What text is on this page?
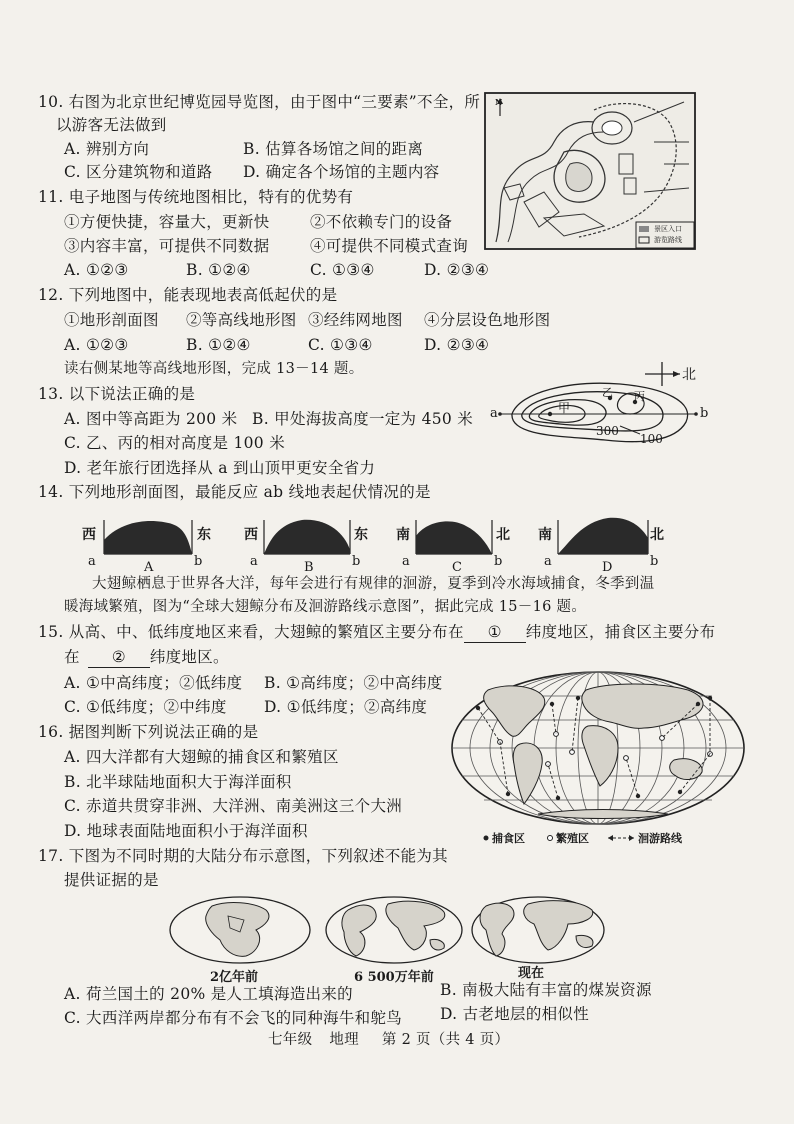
10. 右图为北京世纪博览园导览图，由于图中“三要素”不全，所
以游客无法做到
A. 辨别方向	B. 估算各场馆之间的距离
C. 区分建筑物和道路 D. 确定各个场馆的主题内容
N
景区入口
游览路线
11. 电子地图与传统地图相比，特有的优势有
①方便快捷，容量大，更新快	②不依赖专门的设备
③内容丰富，可提供不同数据	④可提供不同模式查询
A. ①②③	B. ①②④	C. ①③④	D. ②③④
12. 下列地图中，能表现地表高低起伏的是
①地形剖面图 ②等高线地形图 ③经纬网地图 ④分层设色地形图
A. ①②③	B. ①②④	C. ①③④	D. ②③④
读右侧某地等高线地形图，完成 13－14 题。	北
a	b
甲
乙 丙
300
100
13. 以下说法正确的是
A. 图中等高距为 200 米 B. 甲处海拔高度一定为 450 米
C. 乙、丙的相对高度是 100 米
D. 老年旅行团选择从 a 到山顶甲更安全省力
14. 下列地形剖面图，最能反应 ab 线地表起伏情况的是
西	东
a	b
A
西	东
a	b
B
南	北
a	b
C
南	北
a	b
D
大翅鲸栖息于世界各大洋，每年会进行有规律的洄游，夏季到冷水海域捕食，冬季到温
暖海域繁殖，图为“全球大翅鲸分布及洄游路线示意图”，据此完成 15－16 题。
15. 从高、中、低纬度地区来看，大翅鲸的繁殖区主要分布在 ① 纬度地区，捕食区主要分布
在 ② 纬度地区。
A. ①中高纬度；②低纬度 B. ①高纬度；②中高纬度
C. ①低纬度；②中纬度 D. ①低纬度；②高纬度
捕食区	繁殖区	洄游路线
16. 据图判断下列说法正确的是
A. 四大洋都有大翅鲸的捕食区和繁殖区
B. 北半球陆地面积大于海洋面积
C. 赤道共贯穿非洲、大洋洲、南美洲这三个大洲
D. 地球表面陆地面积小于海洋面积
17. 下图为不同时期的大陆分布示意图，下列叙述不能为其
提供证据的是
2亿年前	6 500万年前	现在
A. 荷兰国土的 20% 是人工填海造出来的	B. 南极大陆有丰富的煤炭资源
C. 大西洋两岸都分布有不会飞的同种海牛和鸵鸟 D. 古老地层的相似性
七年级 地理 第 2 页（共 4 页）
